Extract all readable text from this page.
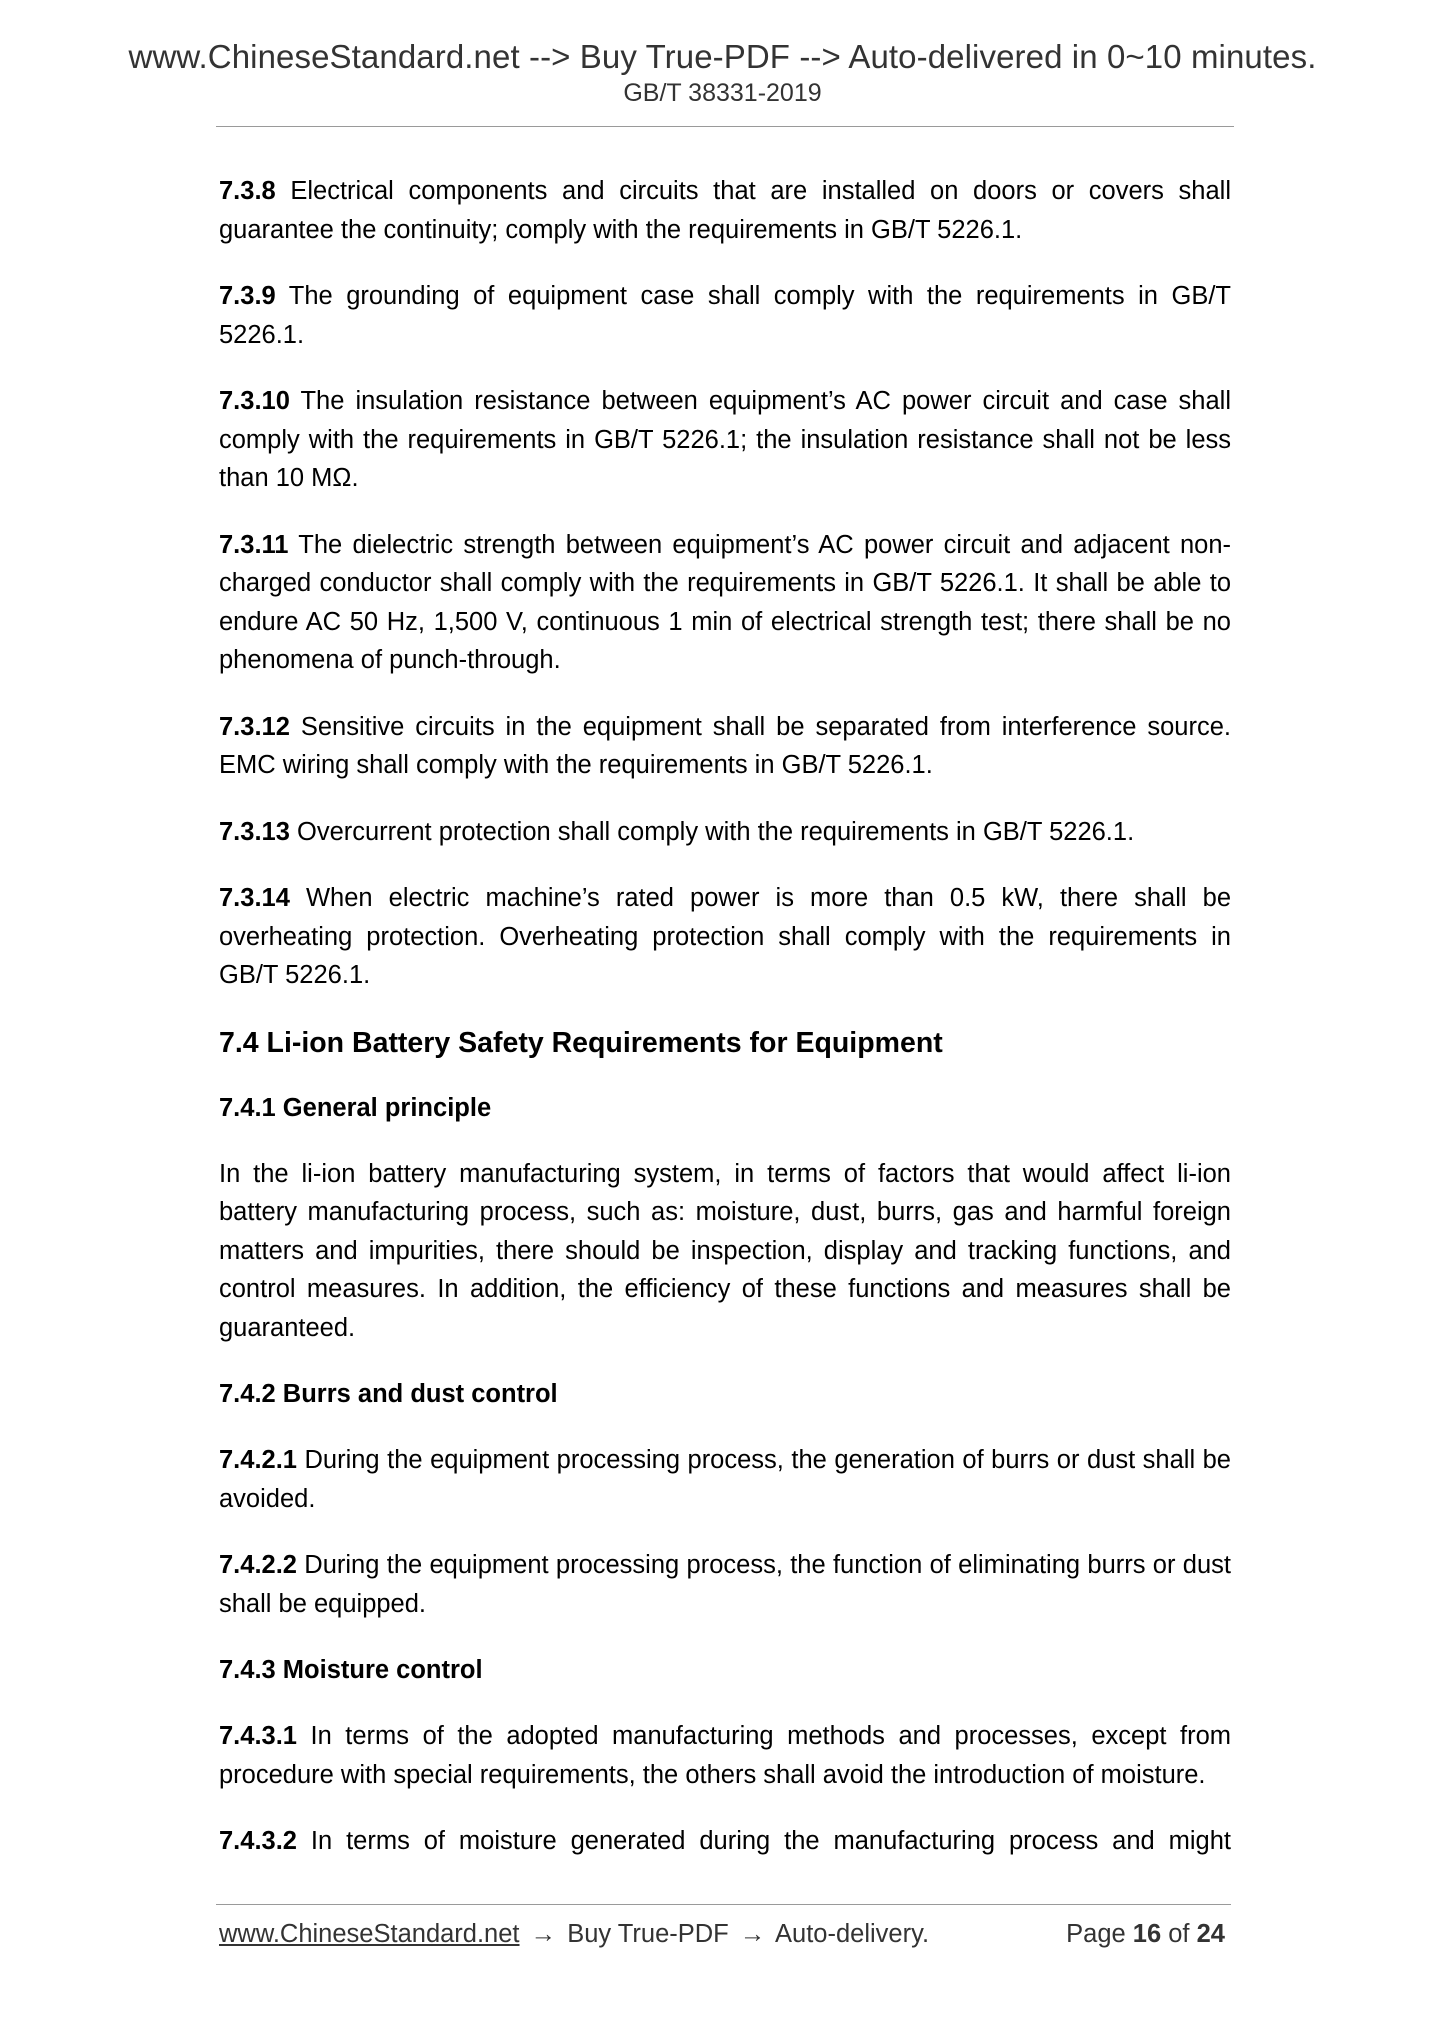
www.ChineseStandard.net --> Buy True-PDF --> Auto-delivered in 0~10 minutes.
GB/T 38331-2019

7.3.8 Electrical components and circuits that are installed on doors or covers shall guarantee the continuity; comply with the requirements in GB/T 5226.1.

7.3.9 The grounding of equipment case shall comply with the requirements in GB/T 5226.1.

7.3.10 The insulation resistance between equipment’s AC power circuit and case shall comply with the requirements in GB/T 5226.1; the insulation resistance shall not be less than 10 MΩ.

7.3.11 The dielectric strength between equipment’s AC power circuit and adjacent non-charged conductor shall comply with the requirements in GB/T 5226.1. It shall be able to endure AC 50 Hz, 1,500 V, continuous 1 min of electrical strength test; there shall be no phenomena of punch-through.

7.3.12 Sensitive circuits in the equipment shall be separated from interference source. EMC wiring shall comply with the requirements in GB/T 5226.1.

7.3.13 Overcurrent protection shall comply with the requirements in GB/T 5226.1.

7.3.14 When electric machine’s rated power is more than 0.5 kW, there shall be overheating protection. Overheating protection shall comply with the requirements in GB/T 5226.1.

7.4 Li-ion Battery Safety Requirements for Equipment
7.4.1 General principle

In the li-ion battery manufacturing system, in terms of factors that would affect li-ion battery manufacturing process, such as: moisture, dust, burrs, gas and harmful foreign matters and impurities, there should be inspection, display and tracking functions, and control measures. In addition, the efficiency of these functions and measures shall be guaranteed.

7.4.2 Burrs and dust control

7.4.2.1 During the equipment processing process, the generation of burrs or dust shall be avoided.

7.4.2.2 During the equipment processing process, the function of eliminating burrs or dust shall be equipped.

7.4.3 Moisture control

7.4.3.1 In terms of the adopted manufacturing methods and processes, except from procedure with special requirements, the others shall avoid the introduction of moisture.

7.4.3.2 In terms of moisture generated during the manufacturing process and might

www.ChineseStandard.net → Buy True-PDF → Auto-delivery.	Page 16 of 24
